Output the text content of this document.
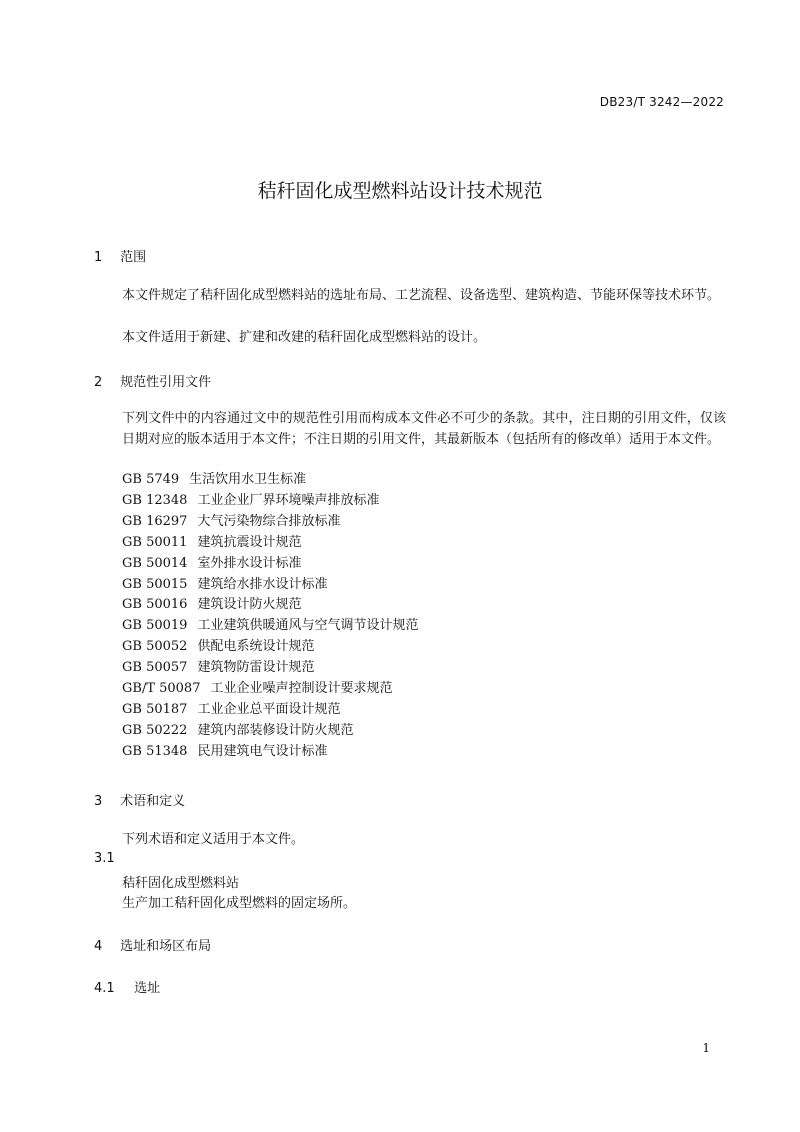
DB23/T 3242—2022
秸秆固化成型燃料站设计技术规范
1 范围
本文件规定了秸秆固化成型燃料站的选址布局、工艺流程、设备选型、建筑构造、节能环保等技术环节。
本文件适用于新建、扩建和改建的秸秆固化成型燃料站的设计。
2 规范性引用文件
下列文件中的内容通过文中的规范性引用而构成本文件必不可少的条款。其中，注日期的引用文件，仅该日期对应的版本适用于本文件；不注日期的引用文件，其最新版本（包括所有的修改单）适用于本文件。
GB 5749 生活饮用水卫生标准
GB 12348 工业企业厂界环境噪声排放标准
GB 16297 大气污染物综合排放标准
GB 50011 建筑抗震设计规范
GB 50014 室外排水设计标准
GB 50015 建筑给水排水设计标准
GB 50016 建筑设计防火规范
GB 50019 工业建筑供暖通风与空气调节设计规范
GB 50052 供配电系统设计规范
GB 50057 建筑物防雷设计规范
GB/T 50087 工业企业噪声控制设计要求规范
GB 50187 工业企业总平面设计规范
GB 50222 建筑内部装修设计防火规范
GB 51348 民用建筑电气设计标准
3 术语和定义
下列术语和定义适用于本文件。
3.1
秸秆固化成型燃料站
生产加工秸秆固化成型燃料的固定场所。
4 选址和场区布局
4.1 选址
1
